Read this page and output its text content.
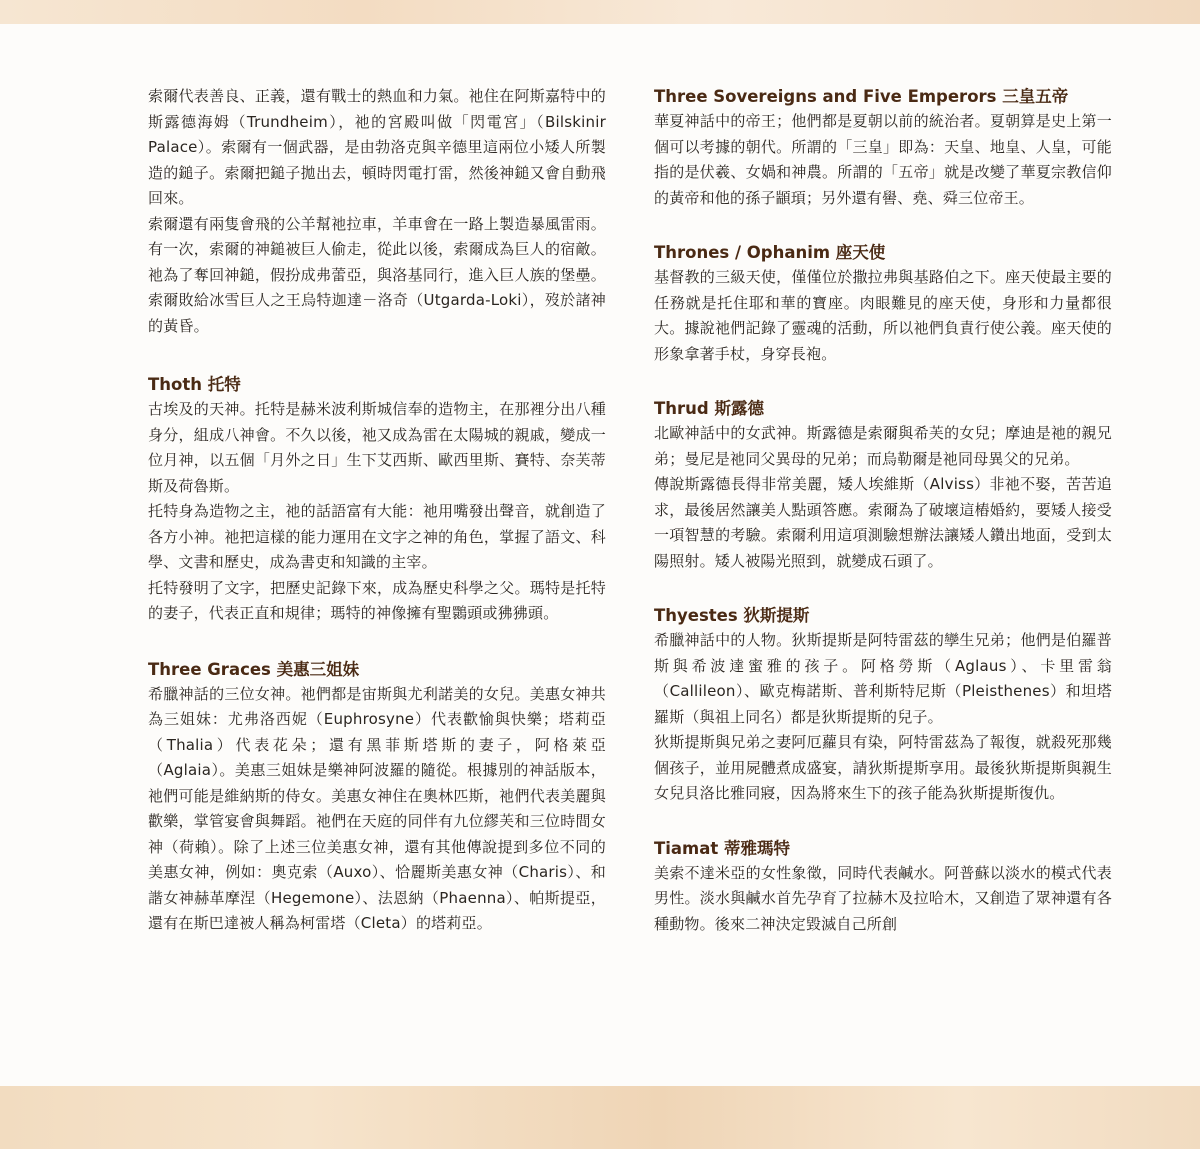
索爾代表善良、正義，還有戰士的熱血和力氣。祂住在阿斯嘉特中的斯露德海姆（Trundheim），祂的宮殿叫做「閃電宮」（Bilskinir Palace）。索爾有一個武器，是由勃洛克與辛德里這兩位小矮人所製造的鎚子。索爾把鎚子拋出去，頓時閃電打雷，然後神鎚又會自動飛回來。

索爾還有兩隻會飛的公羊幫祂拉車，羊車會在一路上製造暴風雷雨。有一次，索爾的神鎚被巨人偷走，從此以後，索爾成為巨人的宿敵。祂為了奪回神鎚，假扮成弗蕾亞，與洛基同行，進入巨人族的堡壘。索爾敗給冰雪巨人之王烏特迦達－洛奇（Utgarda-Loki），歿於諸神的黃昏。

Thoth 托特

古埃及的天神。托特是赫米波利斯城信奉的造物主，在那裡分出八種身分，組成八神會。不久以後，祂又成為雷在太陽城的親戚，變成一位月神，以五個「月外之日」生下艾西斯、歐西里斯、賽特、奈芙蒂斯及荷魯斯。

托特身為造物之主，祂的話語富有大能：祂用嘴發出聲音，就創造了各方小神。祂把這樣的能力運用在文字之神的角色，掌握了語文、科學、文書和歷史，成為書吏和知識的主宰。

托特發明了文字，把歷史記錄下來，成為歷史科學之父。瑪特是托特的妻子，代表正直和規律；瑪特的神像擁有聖䴉頭或狒狒頭。

Three Graces 美惠三姐妹

希臘神話的三位女神。祂們都是宙斯與尤利諾美的女兒。美惠女神共為三姐妹：尤弗洛西妮（Euphrosyne）代表歡愉與快樂；塔莉亞（Thalia）代表花朵；還有黑菲斯塔斯的妻子，阿格萊亞（Aglaia）。美惠三姐妹是樂神阿波羅的隨從。根據別的神話版本，祂們可能是維納斯的侍女。美惠女神住在奧林匹斯，祂們代表美麗與歡樂，掌管宴會與舞蹈。祂們在天庭的同伴有九位繆芙和三位時間女神（荷賴）。除了上述三位美惠女神，還有其他傳說提到多位不同的美惠女神，例如：奧克索（Auxo）、恰麗斯美惠女神（Charis）、和諧女神赫革摩涅（Hegemone）、法恩納（Phaenna）、帕斯提亞，還有在斯巴達被人稱為柯雷塔（Cleta）的塔莉亞。

Three Sovereigns and Five Emperors 三皇五帝

華夏神話中的帝王；他們都是夏朝以前的統治者。夏朝算是史上第一個可以考據的朝代。所謂的「三皇」即為：天皇、地皇、人皇，可能指的是伏羲、女媧和神農。所謂的「五帝」就是改變了華夏宗教信仰的黃帝和他的孫子顓頊；另外還有嚳、堯、舜三位帝王。

Thrones / Ophanim 座天使

基督教的三級天使，僅僅位於撒拉弗與基路伯之下。座天使最主要的任務就是托住耶和華的寶座。肉眼難見的座天使，身形和力量都很大。據說祂們記錄了靈魂的活動，所以祂們負責行使公義。座天使的形象拿著手杖，身穿長袍。

Thrud 斯露德

北歐神話中的女武神。斯露德是索爾與希芙的女兒；摩迪是祂的親兄弟；曼尼是祂同父異母的兄弟；而烏勒爾是祂同母異父的兄弟。

傳說斯露德長得非常美麗，矮人埃維斯（Alviss）非祂不娶，苦苦追求，最後居然讓美人點頭答應。索爾為了破壞這樁婚約，要矮人接受一項智慧的考驗。索爾利用這項測驗想辦法讓矮人鑽出地面，受到太陽照射。矮人被陽光照到，就變成石頭了。

Thyestes 狄斯提斯

希臘神話中的人物。狄斯提斯是阿特雷茲的孿生兄弟；他們是伯羅普斯與希波達蜜雅的孩子。阿格勞斯（Aglaus）、卡里雷翁（Callileon）、歐克梅諾斯、普利斯特尼斯（Pleisthenes）和坦塔羅斯（與祖上同名）都是狄斯提斯的兒子。

狄斯提斯與兄弟之妻阿厄蘿貝有染，阿特雷茲為了報復，就殺死那幾個孩子，並用屍體煮成盛宴，請狄斯提斯享用。最後狄斯提斯與親生女兒貝洛比雅同寢，因為將來生下的孩子能為狄斯提斯復仇。

Tiamat 蒂雅瑪特

美索不達米亞的女性象徵，同時代表鹹水。阿普蘇以淡水的模式代表男性。淡水與鹹水首先孕育了拉赫木及拉哈木，又創造了眾神還有各種動物。後來二神決定毀滅自己所創
